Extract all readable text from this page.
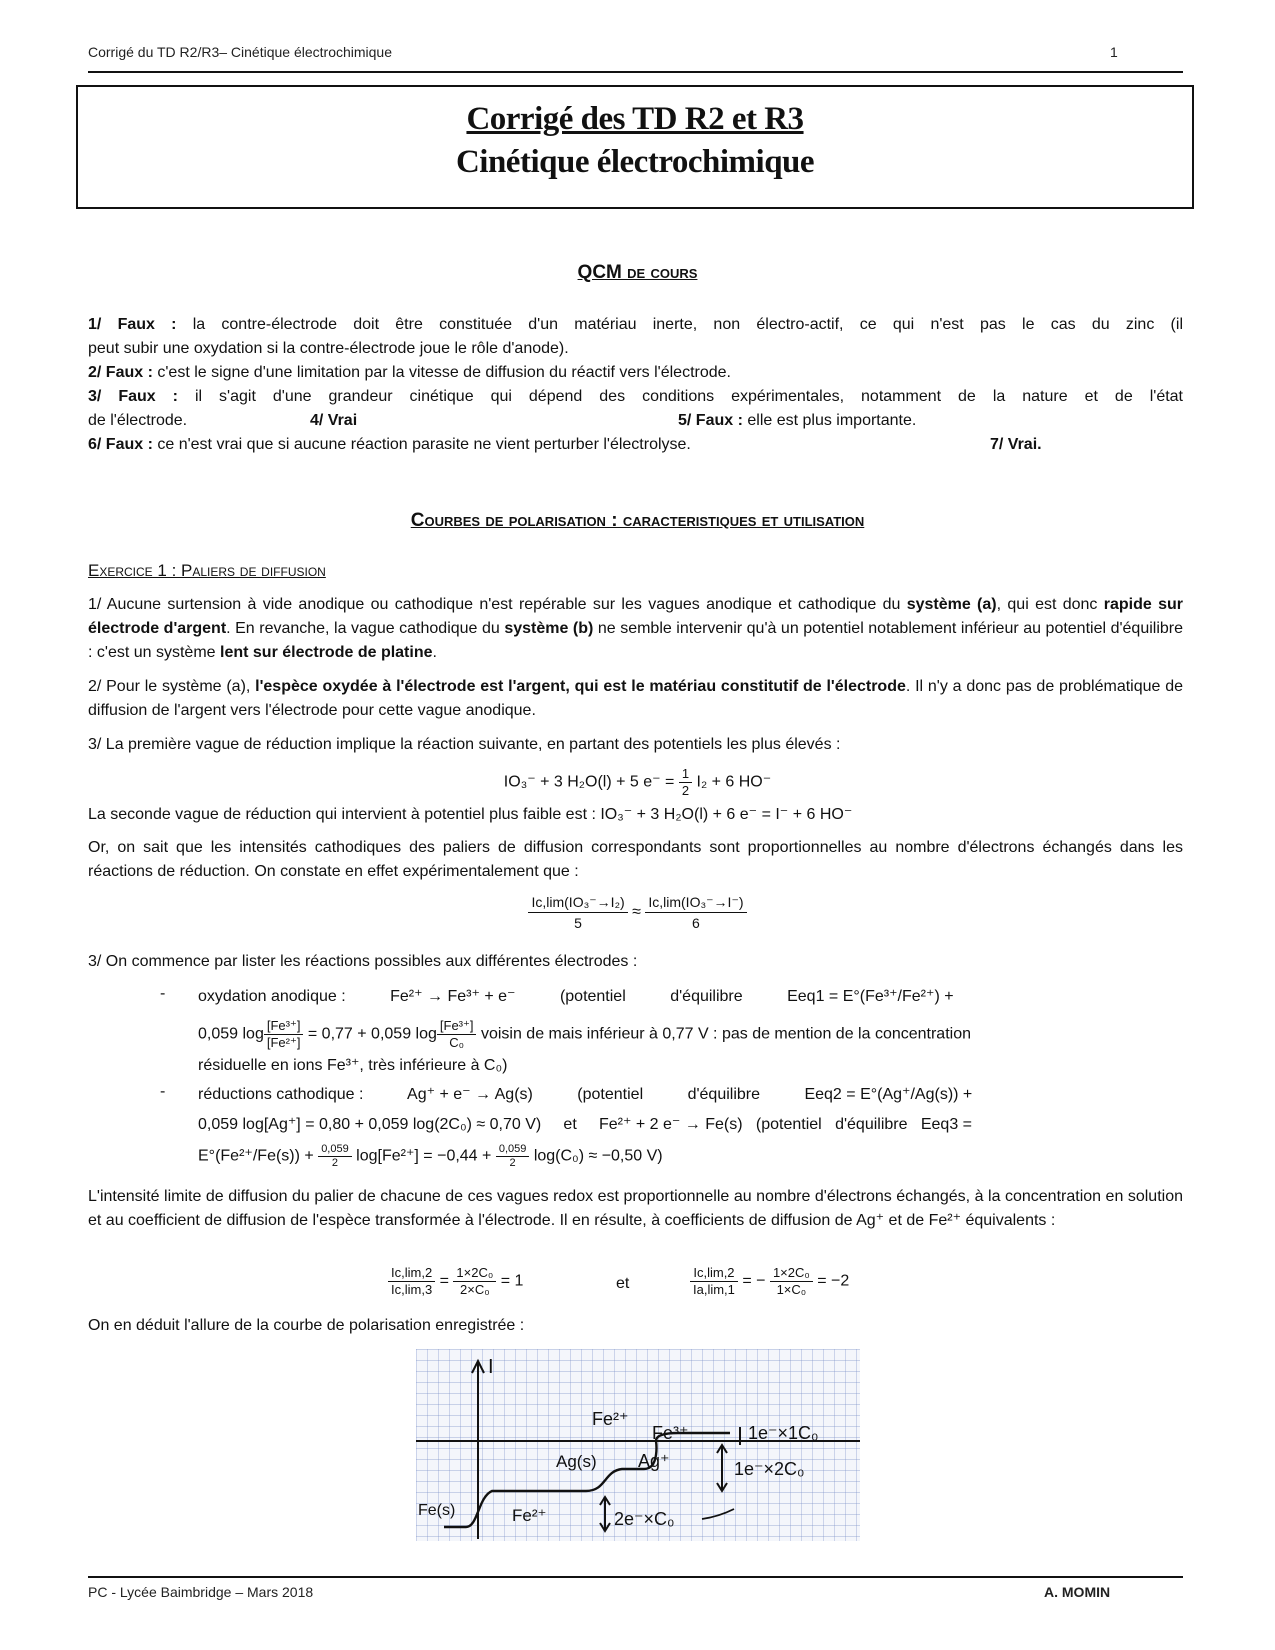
Corrigé du TD R2/R3– Cinétique électrochimique	1
Corrigé des TD R2 et R3
Cinétique électrochimique
QCM de cours
1/ Faux : la contre-électrode doit être constituée d'un matériau inerte, non électro-actif, ce qui n'est pas le cas du zinc (il
peut subir une oxydation si la contre-électrode joue le rôle d'anode).
2/ Faux : c'est le signe d'une limitation par la vitesse de diffusion du réactif vers l'électrode.
3/ Faux : il s'agit d'une grandeur cinétique qui dépend des conditions expérimentales, notamment de la nature et de l'état
de l'électrode.	4/ Vrai	5/ Faux : elle est plus importante.
6/ Faux : ce n'est vrai que si aucune réaction parasite ne vient perturber l'électrolyse.	7/ Vrai.
Courbes de polarisation : caracteristiques et utilisation
Exercice 1 : Paliers de diffusion
1/ Aucune surtension à vide anodique ou cathodique n'est repérable sur les vagues anodique et cathodique du système (a), qui est donc rapide sur électrode d'argent. En revanche, la vague cathodique du système (b) ne semble intervenir qu'à un potentiel notablement inférieur au potentiel d'équilibre : c'est un système lent sur électrode de platine.
2/ Pour le système (a), l'espèce oxydée à l'électrode est l'argent, qui est le matériau constitutif de l'électrode. Il n'y a donc pas de problématique de diffusion de l'argent vers l'électrode pour cette vague anodique.
3/ La première vague de réduction implique la réaction suivante, en partant des potentiels les plus élevés :
IO₃⁻ + 3 H₂O(l) + 5 $e^- = \frac{1}{2} I_2 + 6$ HO⁻
La seconde vague de réduction qui intervient à potentiel plus faible est : IO₃⁻ + 3 H₂O(l) + 6 e⁻ = I⁻ + 6 HO⁻
Or, on sait que les intensités cathodiques des paliers de diffusion correspondants sont proportionnelles au nombre d'électrons échangés dans les réactions de réduction. On constate en effet expérimentalement que :
$\frac{\text{Ic,lim(IO₃⁻→I₂)}}{5} \approx \frac{\text{Ic,lim(IO₃⁻→I⁻)}}{6}$
3/ On commence par lister les réactions possibles aux différentes électrodes :
- oxydation anodique :          Fe²⁺ → Fe³⁺ + e⁻          (potentiel          d'équilibre          Eeq1 = E°(Fe³⁺/Fe²⁺) +
0,059 $\log \frac{\text{[Fe³⁺]}}{\text{[Fe²⁺]}} = 0,77 + 0,059$ $\log \frac{\text{[Fe³⁺]}}{\text{C₀}}$ voisin de mais inférieur à 0,77 V : pas de mention de la concentration
résiduelle en ions Fe³⁺, très inférieure à C₀)
- réductions cathodique :          Ag⁺ + e⁻ → Ag(s)          (potentiel          d'équilibre          Eeq2 = E°(Ag⁺/Ag(s)) +
0,059 log[Ag⁺] = 0,80 + 0,059 log(2C₀) ≈ 0,70 V)     et     Fe²⁺ + 2 e⁻ → Fe(s)   (potentiel   d'équilibre   Eeq3 =
$E^\circ(Fe^{2+}/Fe(s)) + \frac{0,059}{2} \log[Fe^{2+}] = -0,44 + \frac{0,059}{2} \log(C_0) \approx -0,50$ V)
L'intensité limite de diffusion du palier de chacune de ces vagues redox est proportionnelle au nombre d'électrons échangés, à la concentration en solution et au coefficient de diffusion de l'espèce transformée à l'électrode. Il en résulte, à coefficients de diffusion de Ag⁺ et de Fe²⁺ équivalents :
$\frac{Ic,\lim,2}{Ic,\lim,3} = \frac{\text{1×2C₀}}{\text{2×C₀}} = 1$	et	$\frac{Ic,\lim,2}{Ia,\lim,1}$ = − $\frac{\text{1×2C₀}}{\text{1×C₀}} = -2$
On en déduit l'allure de la courbe de polarisation enregistrée :
I
Fe²⁺
Fe³⁺	1e⁻×1C₀
Ag(s) Ag⁺	1e⁻×2C₀
Fe(s)	Fe²⁺	2e⁻×C₀
PC - Lycée Baimbridge – Mars 2018	A. MOMIN
